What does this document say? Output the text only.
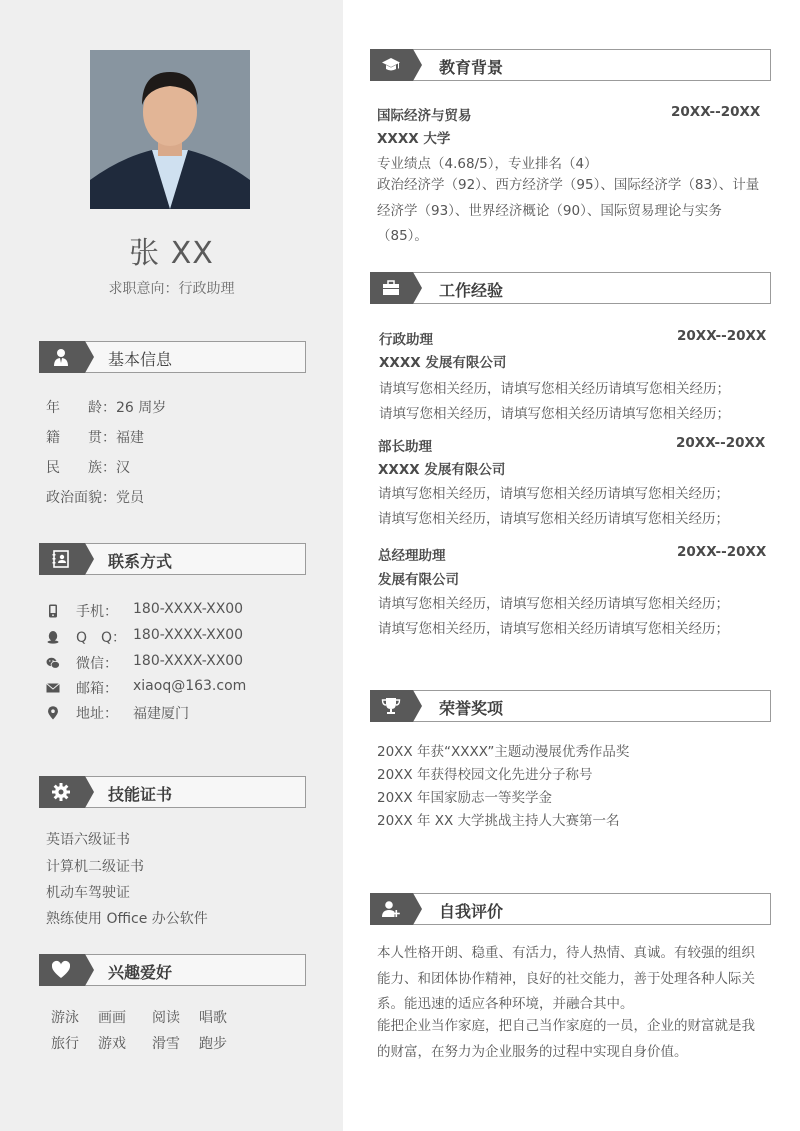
张 XX
求职意向：行政助理
基本信息
年　　龄：26 周岁
籍　　贯：福建
民　　族：汉
政治面貌：党员
联系方式
手机： 180-XXXX-XX00
Q　Q： 180-XXXX-XX00
微信： 180-XXXX-XX00
邮箱： xiaoq@163.com
地址： 福建厦门
技能证书
英语六级证书
计算机二级证书
机动车驾驶证
熟练使用 Office 办公软件
兴趣爱好
游泳 画画 阅读 唱歌
旅行 游戏 滑雪 跑步
教育背景
国际经济与贸易	20XX--20XX
XXXX 大学
专业绩点（4.68/5），专业排名（4）
政治经济学（92）、西方经济学（95）、国际经济学（83）、计量经济学（93）、世界经济概论（90）、国际贸易理论与实务（85）。
工作经验
行政助理	20XX--20XX
XXXX 发展有限公司
请填写您相关经历，请填写您相关经历请填写您相关经历；
请填写您相关经历，请填写您相关经历请填写您相关经历；
部长助理	20XX--20XX
XXXX 发展有限公司
请填写您相关经历，请填写您相关经历请填写您相关经历；
请填写您相关经历，请填写您相关经历请填写您相关经历；
总经理助理	20XX--20XX
发展有限公司
请填写您相关经历，请填写您相关经历请填写您相关经历；
请填写您相关经历，请填写您相关经历请填写您相关经历；
荣誉奖项
20XX 年获“XXXX”主题动漫展优秀作品奖
20XX 年获得校园文化先进分子称号
20XX 年国家励志一等奖学金
20XX 年 XX 大学挑战主持人大赛第一名
自我评价
本人性格开朗、稳重、有活力，待人热情、真诚。有较强的组织能力、和团体协作精神，良好的社交能力，善于处理各种人际关系。能迅速的适应各种环境，并融合其中。
能把企业当作家庭，把自己当作家庭的一员，企业的财富就是我的财富，在努力为企业服务的过程中实现自身价值。
